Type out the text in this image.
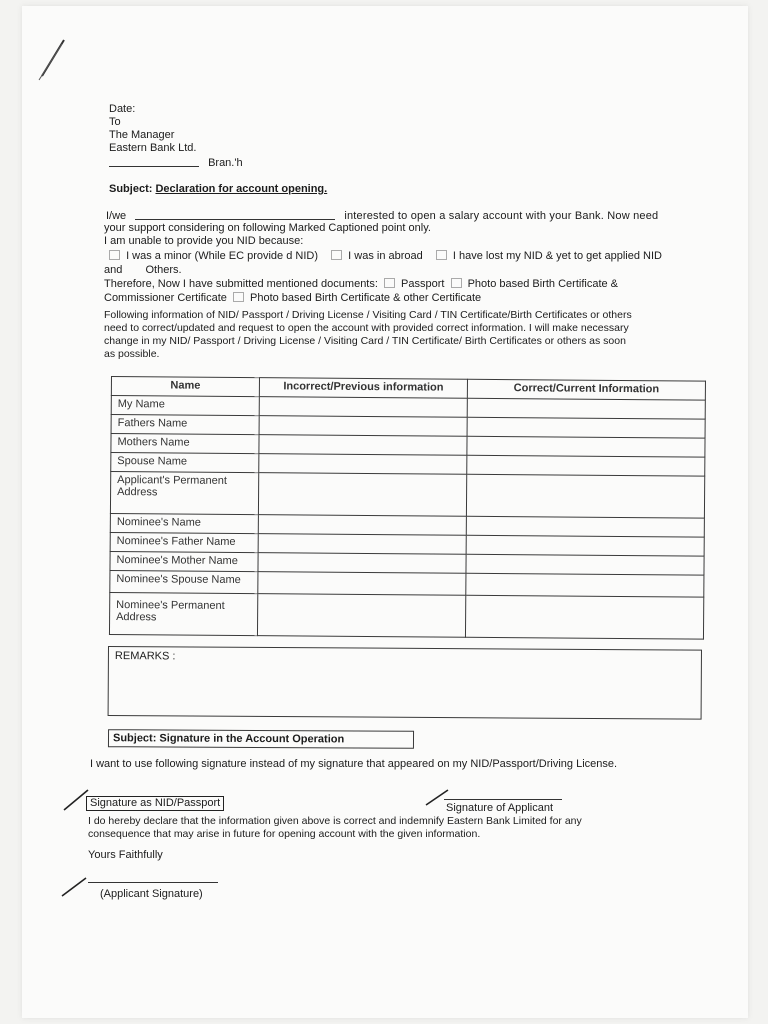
Date:
To
The Manager
Eastern Bank Ltd.
Bran.'h
Subject: Declaration for account opening.
I/we	interested to open a salary account with your Bank. Now need
your support considering on following Marked Captioned point only.
I am unable to provide you NID because:
I was a minor (While EC provide d NID)	I was in abroad	I have lost my NID & yet to get applied NID
and Others.
Therefore, Now I have submitted mentioned documents: Passport Photo based Birth Certificate &
Commissioner Certificate Photo based Birth Certificate & other Certificate
Following information of NID/ Passport / Driving License / Visiting Card / TIN Certificate/Birth Certificates or others
need to correct/updated and request to open the account with provided correct information. I will make necessary
change in my NID/ Passport / Driving License / Visiting Card / TIN Certificate/ Birth Certificates or others as soon
as possible.
Name	Incorrect/Previous information	Correct/Current Information
My Name		
Fathers Name		
Mothers Name		
Spouse Name		
Applicant's Permanent Address		
Nominee's Name		
Nominee's Father Name		
Nominee's Mother Name		
Nominee's Spouse Name		
Nominee's Permanent Address		
REMARKS :
Subject: Signature in the Account Operation
I want to use following signature instead of my signature that appeared on my NID/Passport/Driving License.
Signature as NID/Passport	Signature of Applicant
I do hereby declare that the information given above is correct and indemnify Eastern Bank Limited for any
consequence that may arise in future for opening account with the given information.
Yours Faithfully
(Applicant Signature)
